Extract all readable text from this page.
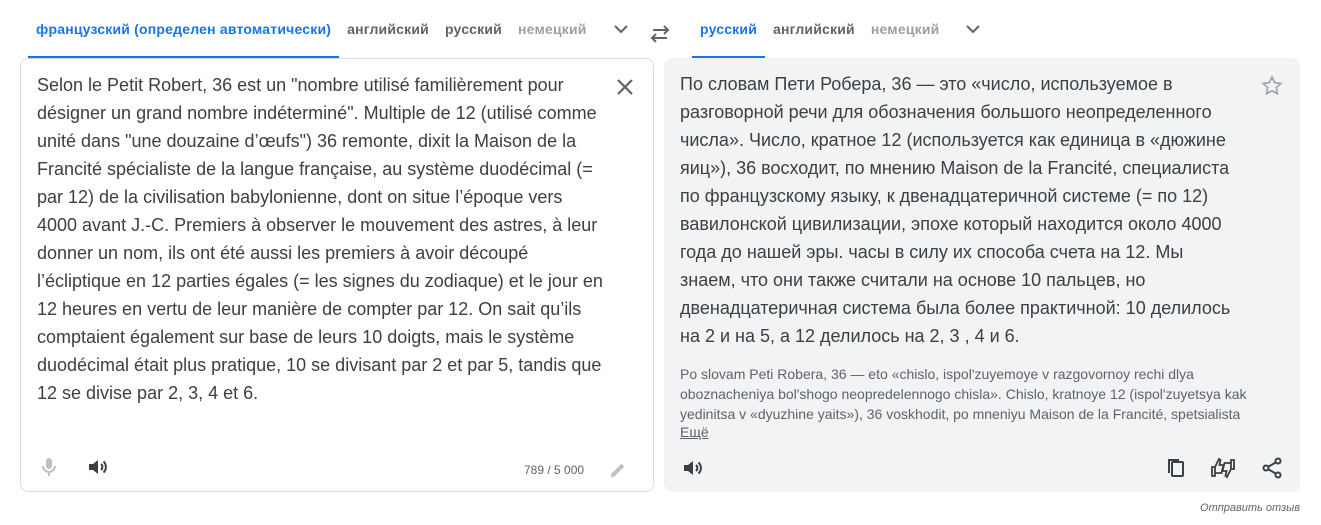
французский (определен автоматически)	английский	русский	немецкий	русский	английский	немецкий
Selon le Petit Robert, 36 est un "nombre utilisé familièrement pour désigner un grand nombre indéterminé". Multiple de 12 (utilisé comme unité dans "une douzaine d’œufs") 36 remonte, dixit la Maison de la Francité spécialiste de la langue française, au système duodécimal (= par 12) de la civilisation babylonienne, dont on situe l’époque vers 4000 avant J.-C. Premiers à observer le mouvement des astres, à leur donner un nom, ils ont été aussi les premiers à avoir découpé l’écliptique en 12 parties égales (= les signes du zodiaque) et le jour en 12 heures en vertu de leur manière de compter par 12. On sait qu’ils comptaient également sur base de leurs 10 doigts, mais le système duodécimal était plus pratique, 10 se divisant par 2 et par 5, tandis que 12 se divise par 2, 3, 4 et 6.
789 / 5 000
По словам Пети Робера, 36 — это «число, используемое в разговорной речи для обозначения большого неопределенного числа». Число, кратное 12 (используется как единица в «дюжине яиц»), 36 восходит, по мнению Maison de la Francité, специалиста по французскому языку, к двенадцатеричной системе (= по 12) вавилонской цивилизации, эпохе который находится около 4000 года до нашей эры. часы в силу их способа счета на 12. Мы знаем, что они также считали на основе 10 пальцев, но двенадцатеричная система была более практичной: 10 делилось на 2 и на 5, а 12 делилось на 2, 3 , 4 и 6.
Po slovam Peti Robera, 36 — eto «chislo, ispol'zuyemoye v razgovornoy rechi dlya oboznacheniya bol'shogo neopredelennogo chisla». Chislo, kratnoye 12 (ispol'zuyetsya kak yedinitsa v «dyuzhine yaits»), 36 voskhodit, po mneniyu Maison de la Francité, spetsialista
Ещё
Отправить отзыв
